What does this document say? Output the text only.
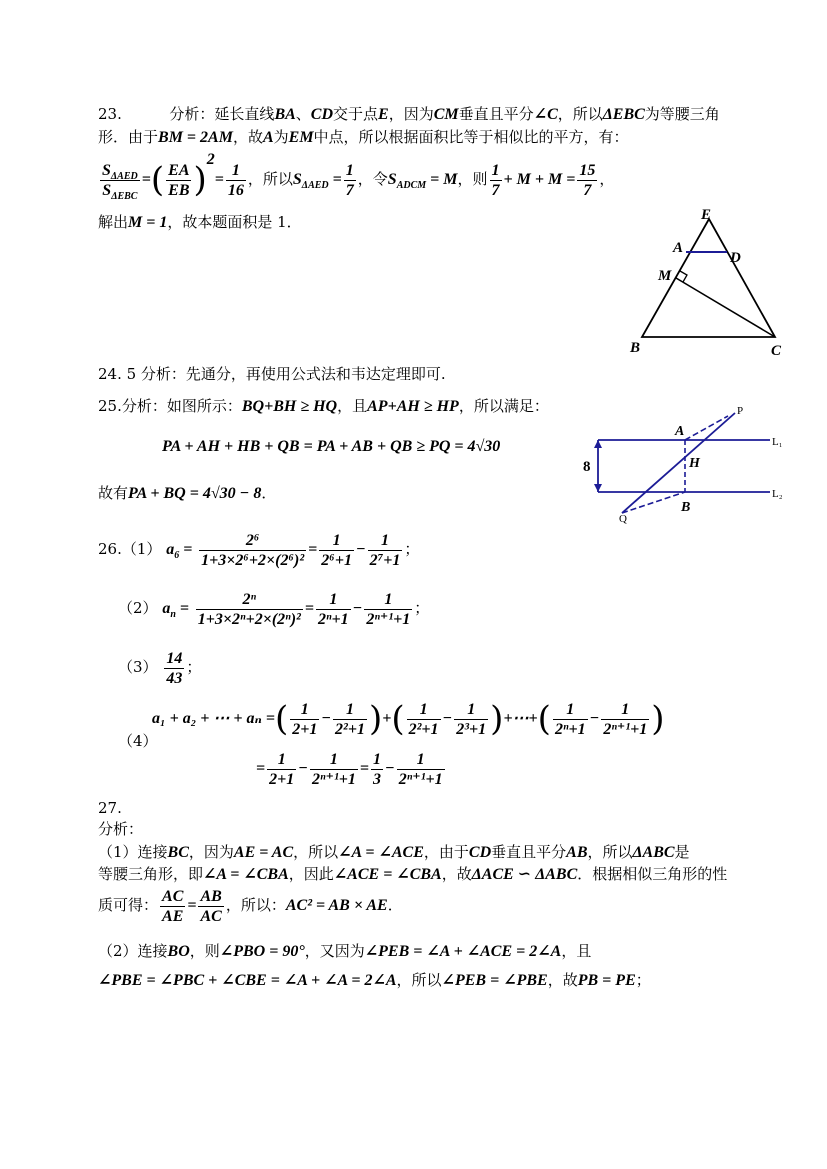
23.	分析：延长直线BA、CD交于点E，因为CM垂直且平分∠C，所以ΔEBC为等腰三角
形．由于BM = 2AM，故A为EM中点，所以根据面积比等于相似比的平方，有：
$\frac{S_{\Delta AED}}{S_{\Delta EBC}}$ =( $\frac{EA}{EB} )^2= \frac{1}{16}$ ，所以$S_{\Delta AED} = \frac{1}{7}$ ，令$S_{ADCM} = M$，则 $\frac{1}{7} + M + M = \frac{15}{7}$ ，
解出M = 1，故本题面积是 1．	E
A
D
M
B	C
24. 5 分析：先通分，再使用公式法和韦达定理即可.
25.分析：如图所示：BQ+BH ≥ HQ，且AP+AH ≥ HP，所以满足：
PA + AH + HB + QB = PA + AB + QB ≥ PQ = 4√30
故有PA + BQ = 4√30 − 8．
P
A
L₁
8	H
L₂
Q
B
26.（1） $a_6 = \frac{\text{2⁶}}{\text{1+3×2⁶+2×(2⁶)²}} = \frac{1}{\text{2⁶+1}} - \frac{1}{\text{2⁷+1}}$ ；
（2） $a_n = \frac{\text{2ⁿ}}{\text{1+3×2ⁿ+2×(2ⁿ)²}} = \frac{1}{\text{2ⁿ+1}} - \frac{1}{\text{2ⁿ⁺¹+1}}$ ；
$(3) \frac{14}{43}$ ；
（4）
a₁ + a₂ + ⋯ + aₙ =( $\frac{1}{2+1} - \frac{1}{\text{2²+1}}$ )+( $\frac{1}{\text{2²+1}} - \frac{1}{\text{2³+1}}$ )+⋯+( $\frac{1}{\text{2ⁿ+1}} - \frac{1}{\text{2ⁿ⁺¹+1}}$ )
= $\frac{1}{2+1} - \frac{1}{\text{2ⁿ⁺¹+1}} = \frac{1}{3} - \frac{1}{\text{2ⁿ⁺¹+1}}$
27.
分析：
（1）连接BC，因为AE = AC，所以∠A = ∠ACE，由于CD垂直且平分AB，所以ΔABC是
等腰三角形，即∠A = ∠CBA，因此∠ACE = ∠CBA，故ΔACE ∽ ΔABC．根据相似三角形的性
质可得： $\frac{AC}{AE} = \frac{AB}{AC}$ ，所以：AC² = AB × AE．
（2）连接BO，则∠PBO = 90°，又因为∠PEB = ∠A + ∠ACE = 2∠A，且
∠PBE = ∠PBC + ∠CBE = ∠A + ∠A = 2∠A，所以∠PEB = ∠PBE，故PB = PE；
